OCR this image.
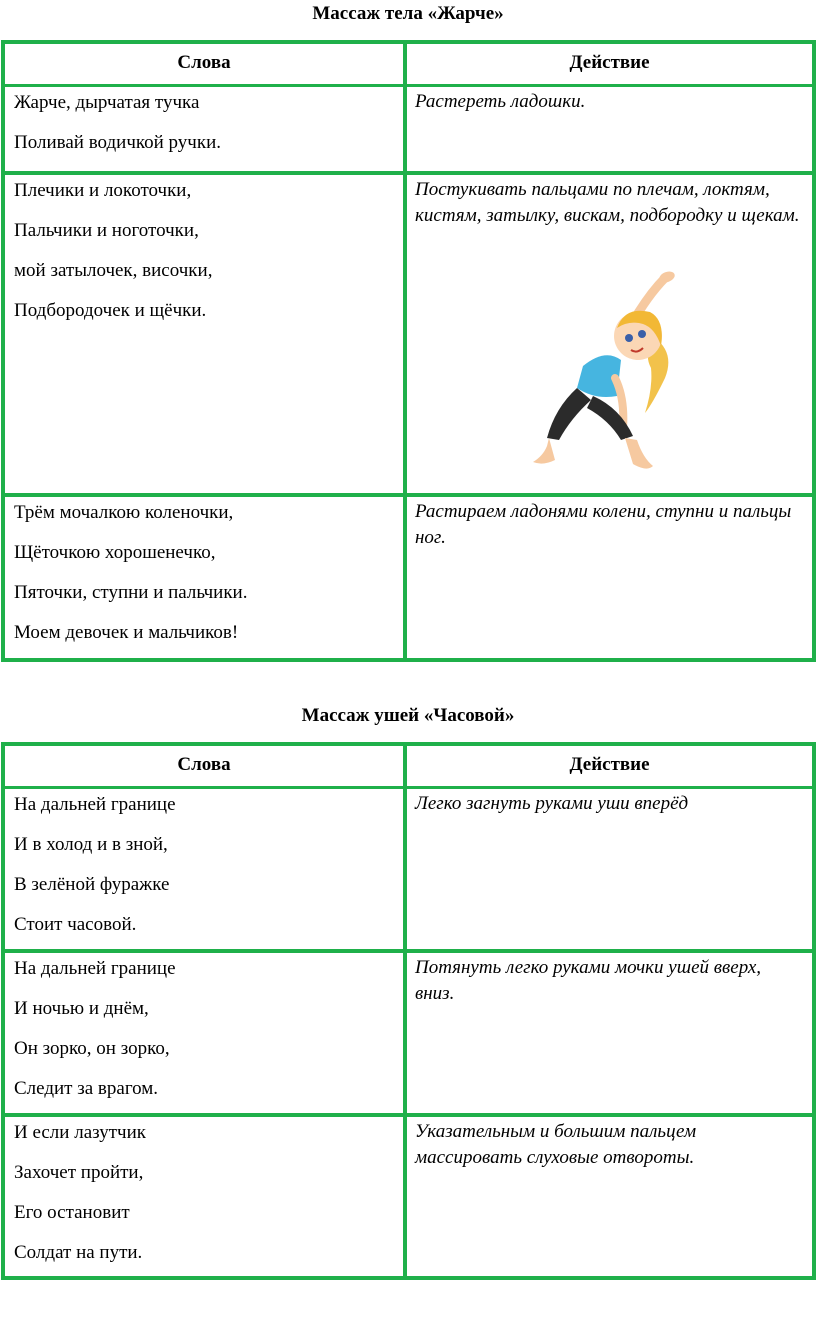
Массаж тела «Жарче»
Слова	Действие
Жарче, дырчатая тучка
Поливай водичкой ручки.
Растереть ладошки.
Плечики и локоточки,
Пальчики и ноготочки,
мой затылочек, височки,
Подбородочек и щёчки.
Постукивать пальцами по плечам, локтям, кистям, затылку, вискам, подбородку и щекам.
Трём мочалкою коленочки,
Щёточкою хорошенечко,
Пяточки, ступни и пальчики.
Моем девочек и мальчиков!
Растираем ладонями колени, ступни и пальцы ног.
Массаж ушей «Часовой»
Слова	Действие
На дальней границе
И в холод и в зной,
В зелёной фуражке
Стоит часовой.
Легко загнуть руками уши вперёд
На дальней границе
И ночью и днём,
Он зорко, он зорко,
Следит за врагом.
Потянуть легко руками мочки ушей вверх, вниз.
И если лазутчик
Захочет пройти,
Его остановит
Солдат на пути.
Указательным и большим пальцем массировать слуховые отвороты.
